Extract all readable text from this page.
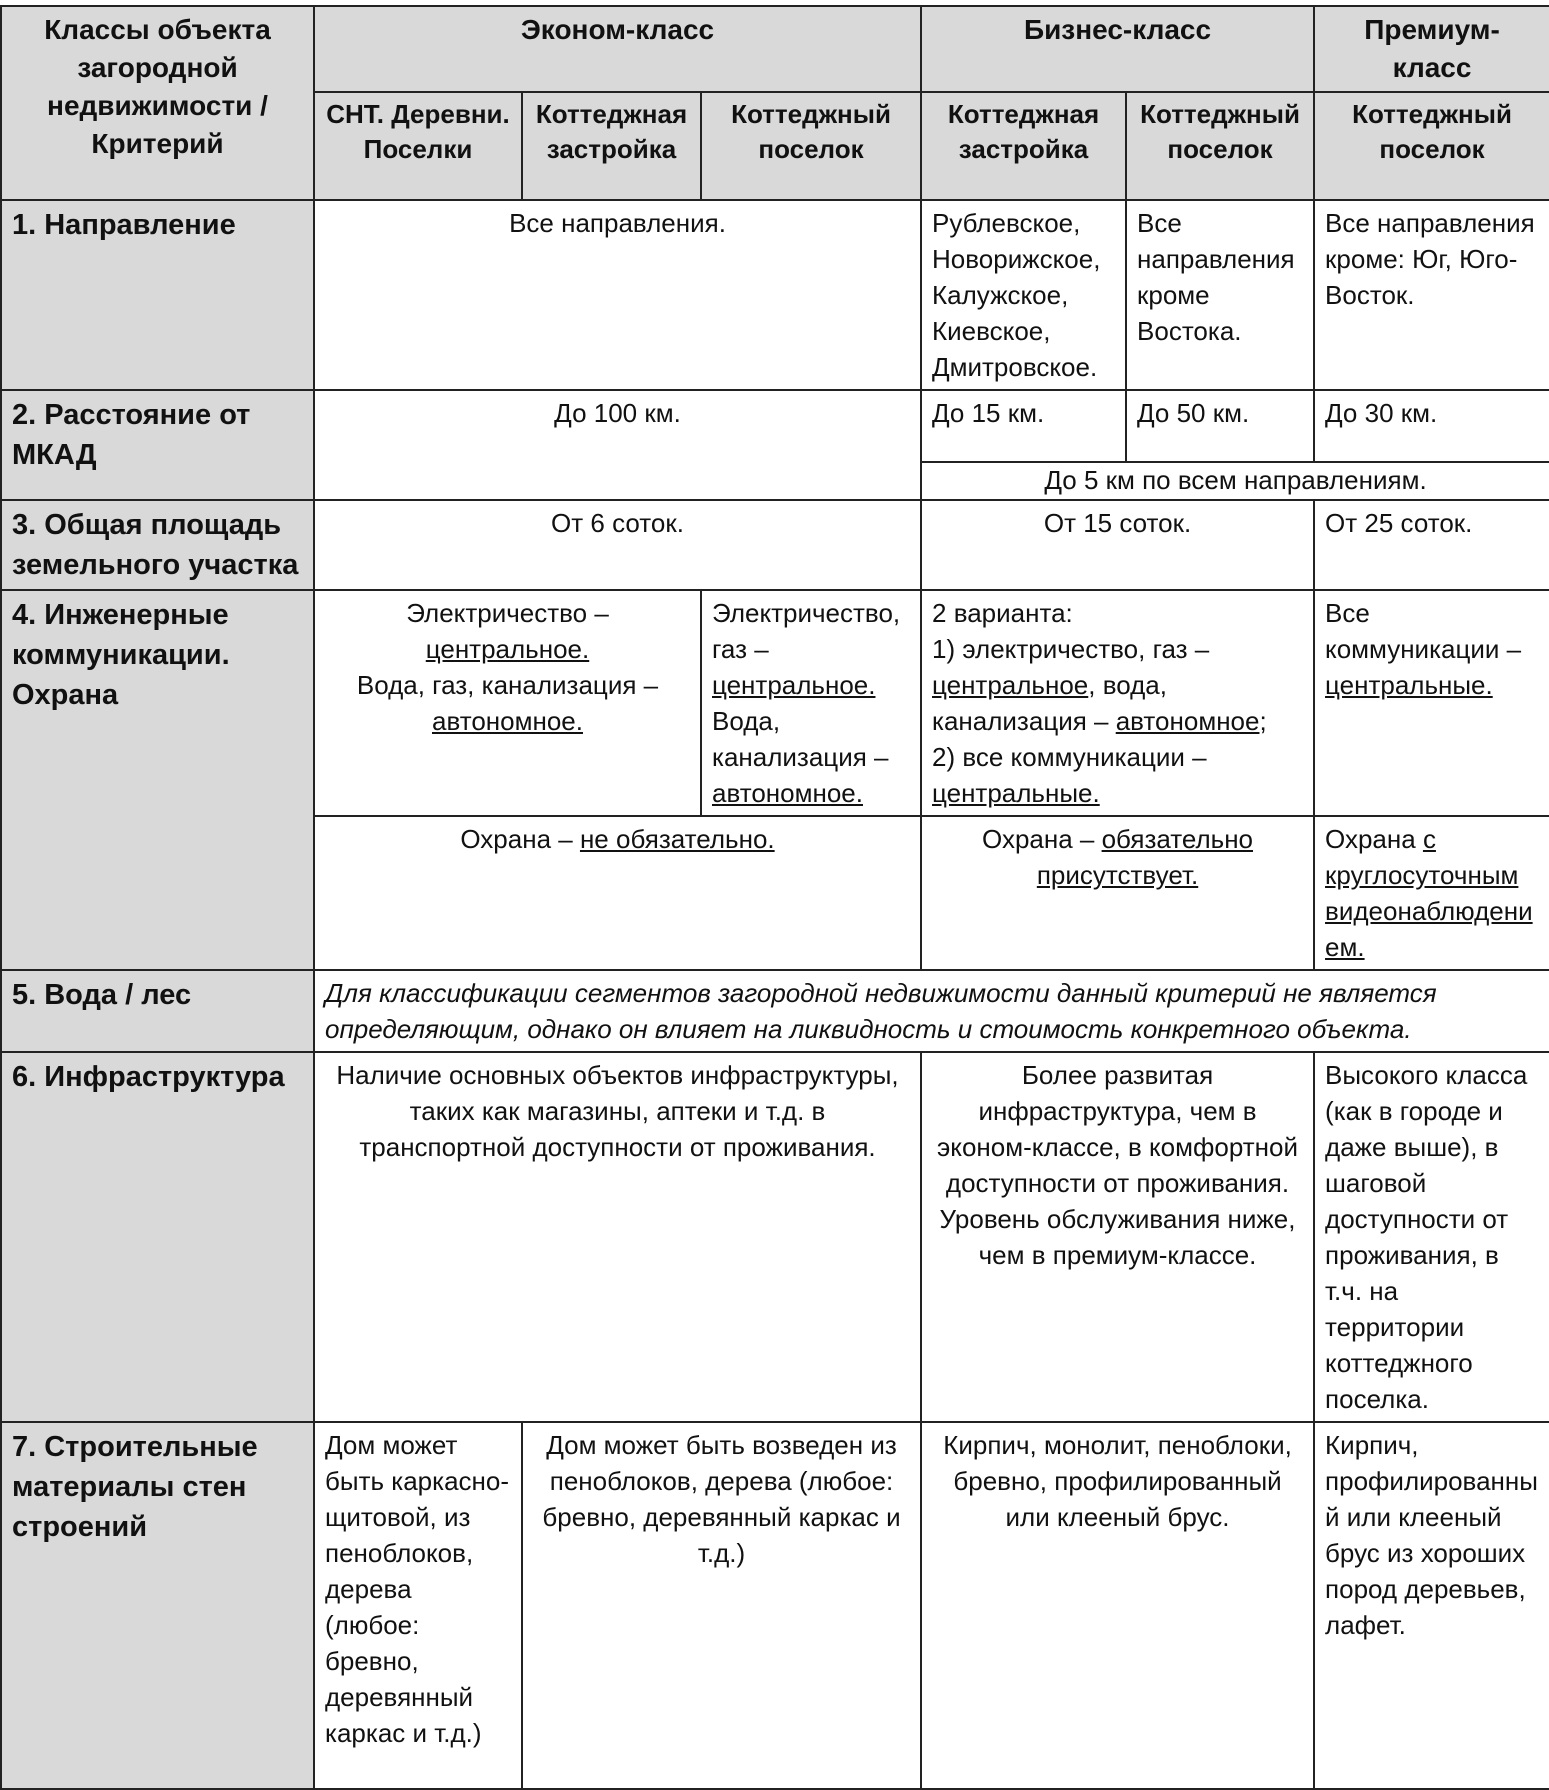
Классы объекта загородной недвижимости / Критерий	Эконом-класс			Бизнес-класс		Премиум-класс
	СНТ. Деревни. Поселки	Коттеджная застройка	Коттеджный поселок	Коттеджная застройка	Коттеджный поселок	Коттеджный поселок
1. Направление	Все направления.			Рублевское, Новорижское, Калужское, Киевское, Дмитровское.	Все направления кроме Востока.	Все направления кроме: Юг, Юго-Восток.
2. Расстояние от МКАД	До 100 км.			До 15 км.	До 50 км.	До 30 км.
				До 5 км по всем направлениям.		
3. Общая площадь земельного участка	От 6 соток.			От 15 соток.		От 25 соток.
4. Инженерные коммуникации. Охрана	Электричество –
центральное.
Вода, газ, канализация –
автономное.		Электричество, газ – центральное. Вода, канализация – автономное.	2 варианта:
1) электричество, газ – центральное, вода, канализация – автономное;
2) все коммуникации – центральные.		Все коммуникации – центральные.
	Охрана – не обязательно.			Охрана – обязательно присутствует.		Охрана с круглосуточным видеонаблюдением.
5. Вода / лес	Для классификации сегментов загородной недвижимости данный критерий не является определяющим, однако он влияет на ликвидность и стоимость конкретного объекта.					
6. Инфраструктура	Наличие основных объектов инфраструктуры, таких как магазины, аптеки и т.д. в транспортной доступности от проживания.			Более развитая инфраструктура, чем в эконом-классе, в комфортной доступности от проживания. Уровень обслуживания ниже, чем в премиум-классе.		Высокого класса (как в городе и даже выше), в шаговой доступности от проживания, в т.ч. на территории коттеджного поселка.
7. Строительные материалы стен строений	Дом может быть каркасно-щитовой, из пеноблоков, дерева (любое: бревно, деревянный каркас и т.д.)	Дом может быть возведен из пеноблоков, дерева (любое: бревно, деревянный каркас и т.д.)		Кирпич, монолит, пеноблоки, бревно, профилированный или клееный брус.		Кирпич, профилированный или клееный брус из хороших пород деревьев, лафет.
